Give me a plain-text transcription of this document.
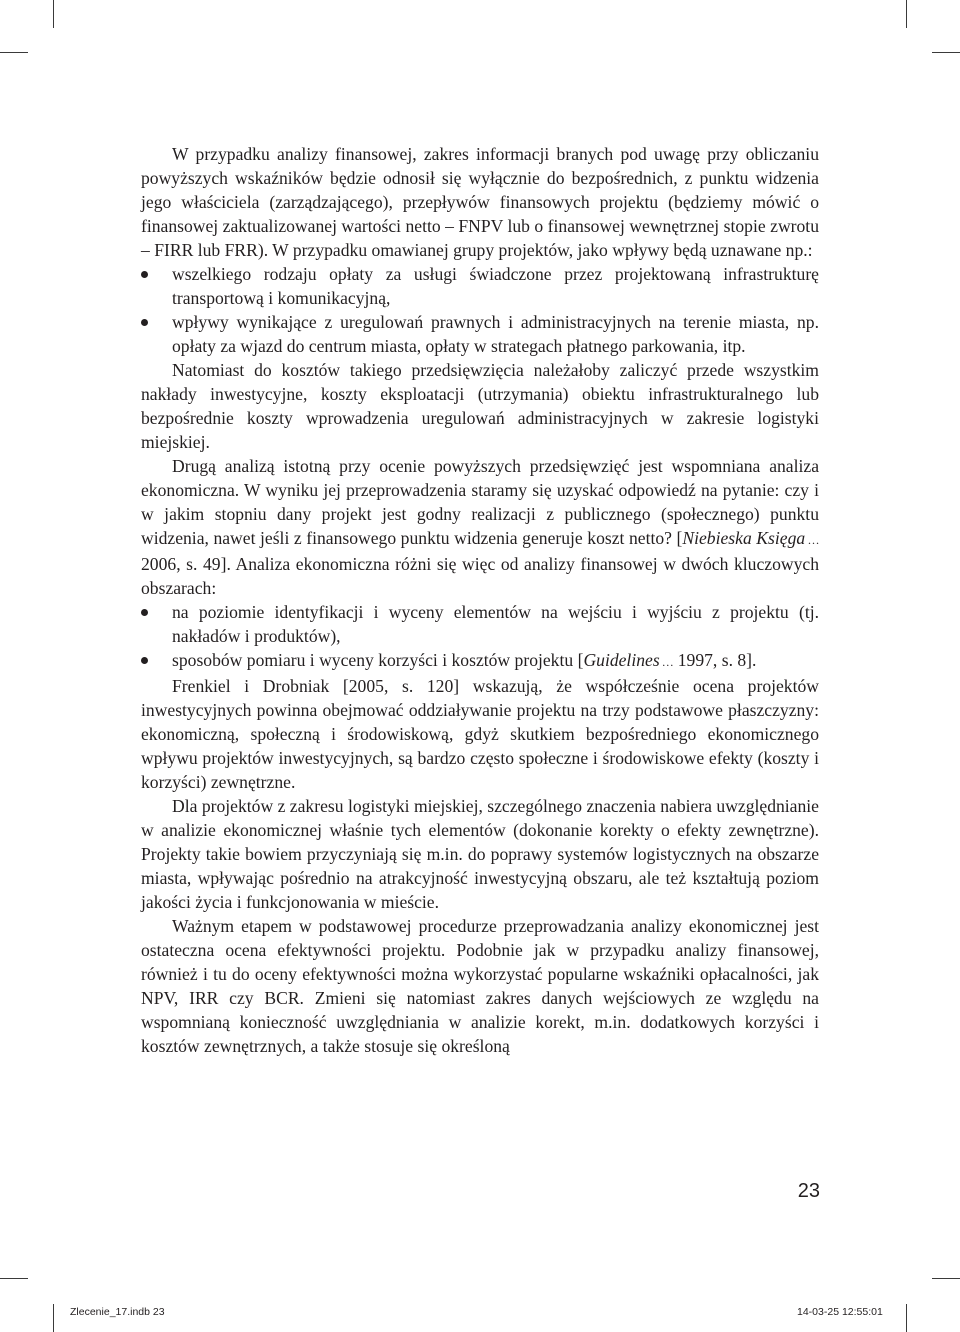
W przypadku analizy finansowej, zakres informacji branych pod uwagę przy obliczaniu powyższych wskaźników będzie odnosił się wyłącznie do bezpośrednich, z punktu widzenia jego właściciela (zarządzającego), przepływów finansowych projektu (będziemy mówić o finansowej zaktualizowanej wartości netto – FNPV lub o finansowej wewnętrznej stopie zwrotu – FIRR lub FRR). W przypadku omawianej grupy projektów, jako wpływy będą uznawane np.:

wszelkiego rodzaju opłaty za usługi świadczone przez projektowaną infrastrukturę transportową i komunikacyjną,
wpływy wynikające z uregulowań prawnych i administracyjnych na terenie miasta, np. opłaty za wjazd do centrum miasta, opłaty w strategach płatnego parkowania, itp.

Natomiast do kosztów takiego przedsięwzięcia należałoby zaliczyć przede wszystkim nakłady inwestycyjne, koszty eksploatacji (utrzymania) obiektu infrastrukturalnego lub bezpośrednie koszty wprowadzenia uregulowań administracyjnych w zakresie logistyki miejskiej.

Drugą analizą istotną przy ocenie powyższych przedsięwzięć jest wspomniana analiza ekonomiczna. W wyniku jej przeprowadzenia staramy się uzyskać odpowiedź na pytanie: czy i w jakim stopniu dany projekt jest godny realizacji z publicznego (społecznego) punktu widzenia, nawet jeśli z finansowego punktu widzenia generuje koszt netto? [Niebieska Księga … 2006, s. 49]. Analiza ekonomiczna różni się więc od analizy finansowej w dwóch kluczowych obszarach:

na poziomie identyfikacji i wyceny elementów na wejściu i wyjściu z projektu (tj. nakładów i produktów),
sposobów pomiaru i wyceny korzyści i kosztów projektu [Guidelines … 1997, s. 8].

Frenkiel i Drobniak [2005, s. 120] wskazują, że współcześnie ocena projektów inwestycyjnych powinna obejmować oddziaływanie projektu na trzy podstawowe płaszczyzny: ekonomiczną, społeczną i środowiskową, gdyż skutkiem bezpośredniego ekonomicznego wpływu projektów inwestycyjnych, są bardzo często społeczne i środowiskowe efekty (koszty i korzyści) zewnętrzne.

Dla projektów z zakresu logistyki miejskiej, szczególnego znaczenia nabiera uwzględnianie w analizie ekonomicznej właśnie tych elementów (dokonanie korekty o efekty zewnętrzne). Projekty takie bowiem przyczyniają się m.in. do poprawy systemów logistycznych na obszarze miasta, wpływając pośrednio na atrakcyjność inwestycyjną obszaru, ale też kształtują poziom jakości życia i funkcjonowania w mieście.

Ważnym etapem w podstawowej procedurze przeprowadzania analizy ekonomicznej jest ostateczna ocena efektywności projektu. Podobnie jak w przypadku analizy finansowej, również i tu do oceny efektywności można wykorzystać popularne wskaźniki opłacalności, jak NPV, IRR czy BCR. Zmieni się natomiast zakres danych wejściowych ze względu na wspomnianą konieczność uwzględniania w analizie korekt, m.in. dodatkowych korzyści i kosztów zewnętrznych, a także stosuje się określoną

23
Zlecenie_17.indb 23	14-03-25 12:55:01
